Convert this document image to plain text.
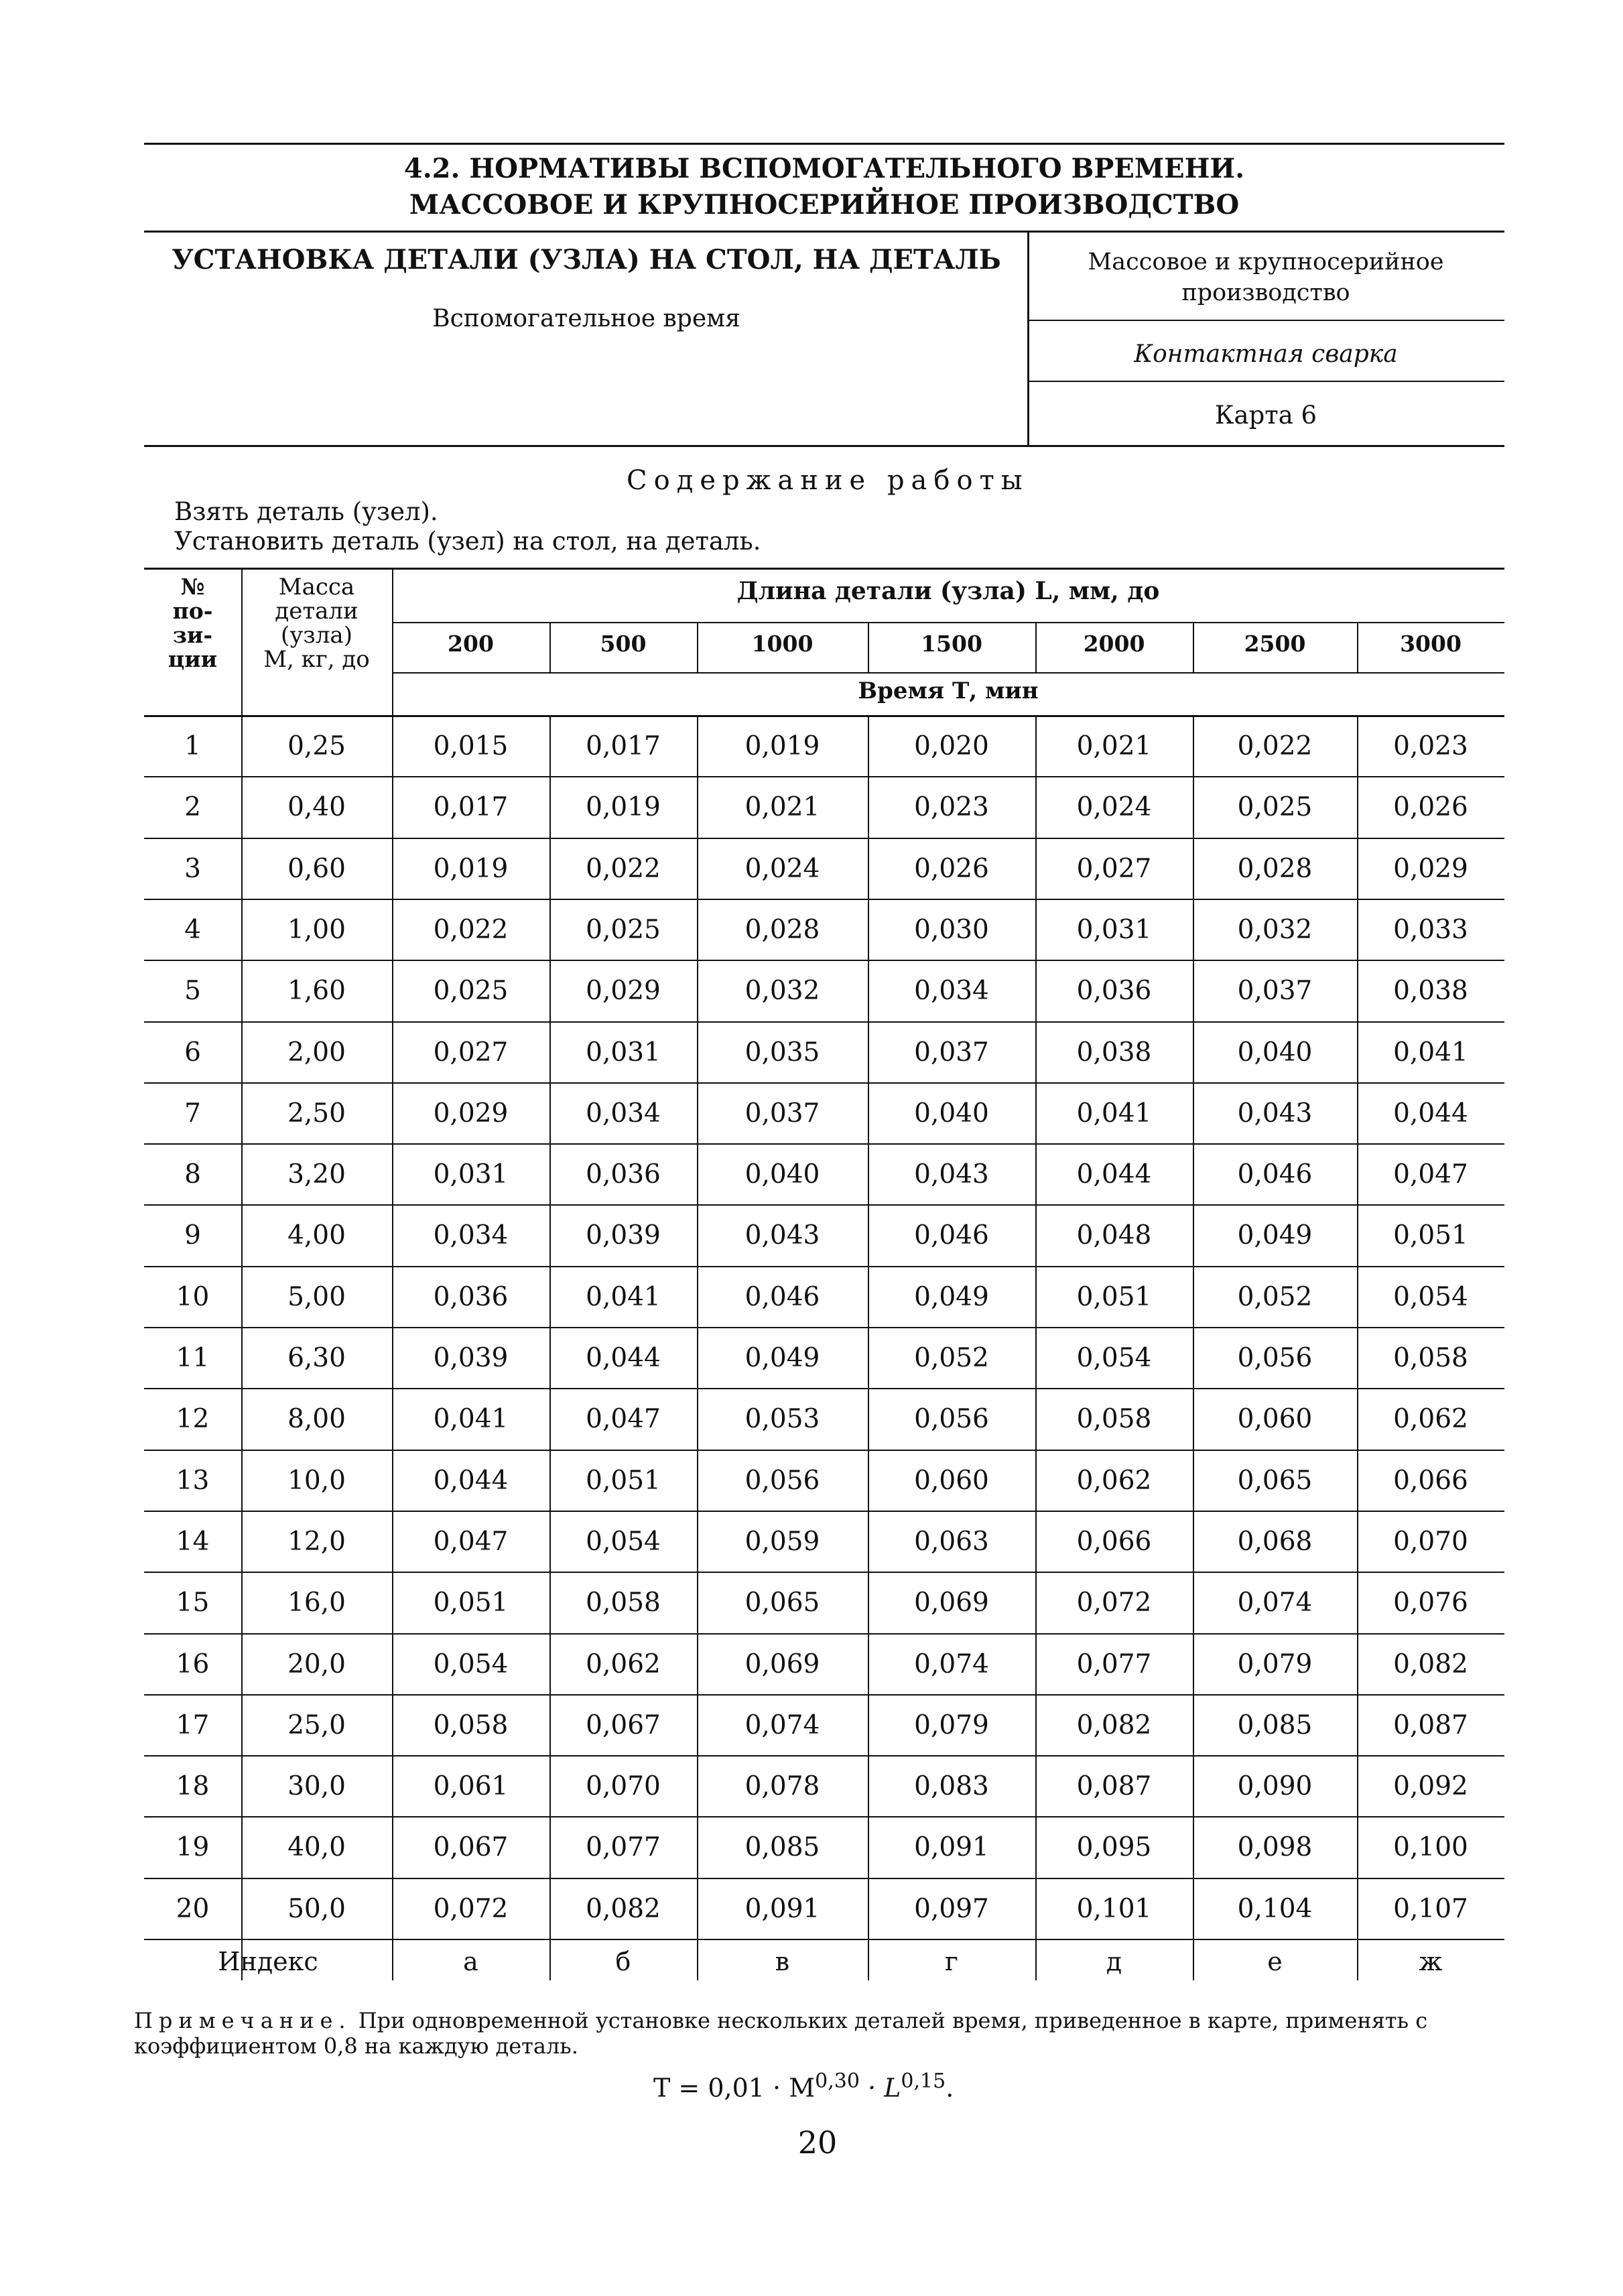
4.2. НОРМАТИВЫ ВСПОМОГАТЕЛЬНОГО ВРЕМЕНИ.
МАССОВОЕ И КРУПНОСЕРИЙНОЕ ПРОИЗВОДСТВО
УСТАНОВКА ДЕТАЛИ (УЗЛА) НА СТОЛ, НА ДЕТАЛЬ
Вспомогательное время
Массовое и крупносерийное
производство
Контактная сварка
Карта 6
Содержание работы
Взять деталь (узел).
Установить деталь (узел) на стол, на деталь.
№
по-
зи-
ции
Масса
детали
(узла)
М, кг, до
Длина детали (узла) L, мм, до
200	500	1000	1500	2000	2500	3000
Время Т, мин
1	0,25	0,015	0,017	0,019	0,020	0,021	0,022	0,023
2	0,40	0,017	0,019	0,021	0,023	0,024	0,025	0,026
3	0,60	0,019	0,022	0,024	0,026	0,027	0,028	0,029
4	1,00	0,022	0,025	0,028	0,030	0,031	0,032	0,033
5	1,60	0,025	0,029	0,032	0,034	0,036	0,037	0,038
6	2,00	0,027	0,031	0,035	0,037	0,038	0,040	0,041
7	2,50	0,029	0,034	0,037	0,040	0,041	0,043	0,044
8	3,20	0,031	0,036	0,040	0,043	0,044	0,046	0,047
9	4,00	0,034	0,039	0,043	0,046	0,048	0,049	0,051
10	5,00	0,036	0,041	0,046	0,049	0,051	0,052	0,054
11	6,30	0,039	0,044	0,049	0,052	0,054	0,056	0,058
12	8,00	0,041	0,047	0,053	0,056	0,058	0,060	0,062
13	10,0	0,044	0,051	0,056	0,060	0,062	0,065	0,066
14	12,0	0,047	0,054	0,059	0,063	0,066	0,068	0,070
15	16,0	0,051	0,058	0,065	0,069	0,072	0,074	0,076
16	20,0	0,054	0,062	0,069	0,074	0,077	0,079	0,082
17	25,0	0,058	0,067	0,074	0,079	0,082	0,085	0,087
18	30,0	0,061	0,070	0,078	0,083	0,087	0,090	0,092
19	40,0	0,067	0,077	0,085	0,091	0,095	0,098	0,100
20	50,0	0,072	0,082	0,091	0,097	0,101	0,104	0,107
Индекс	а	б	в	г	д	е	ж
Примечание. При одновременной установке нескольких деталей время, приведенное в карте, применять с коэффициентом 0,8 на каждую деталь.
Т = 0,01 · М$^{0,30}$ · L$^{0,15}$.
20
